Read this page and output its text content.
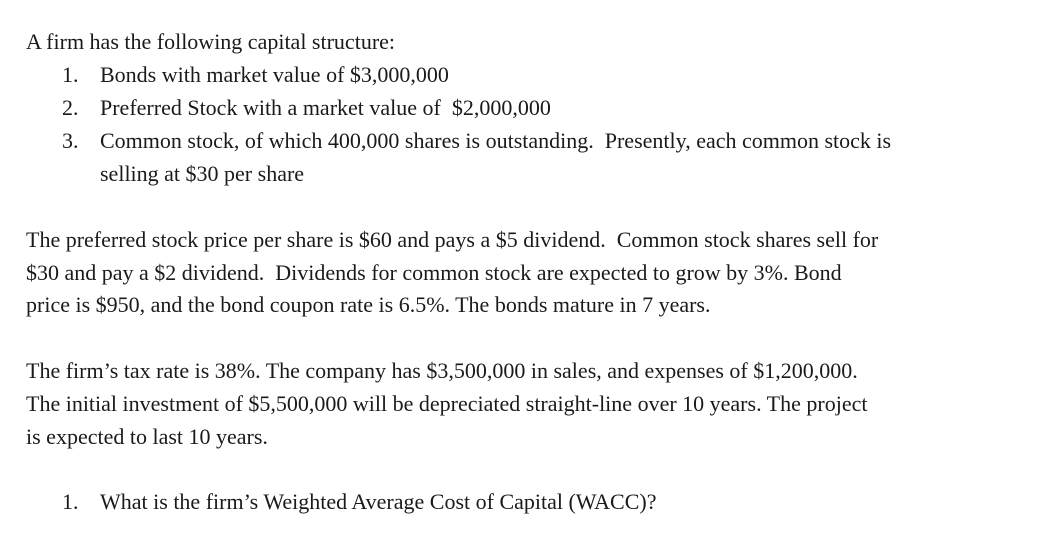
A firm has the following capital structure:
1. Bonds with market value of $3,000,000
2. Preferred Stock with a market value of  $2,000,000
3. Common stock, of which 400,000 shares is outstanding.  Presently, each common stock is
selling at $30 per share
The preferred stock price per share is $60 and pays a $5 dividend.  Common stock shares sell for
$30 and pay a $2 dividend.  Dividends for common stock are expected to grow by 3%. Bond
price is $950, and the bond coupon rate is 6.5%. The bonds mature in 7 years.
The firm’s tax rate is 38%. The company has $3,500,000 in sales, and expenses of $1,200,000.
The initial investment of $5,500,000 will be depreciated straight-line over 10 years. The project
is expected to last 10 years.
1. What is the firm’s Weighted Average Cost of Capital (WACC)?
